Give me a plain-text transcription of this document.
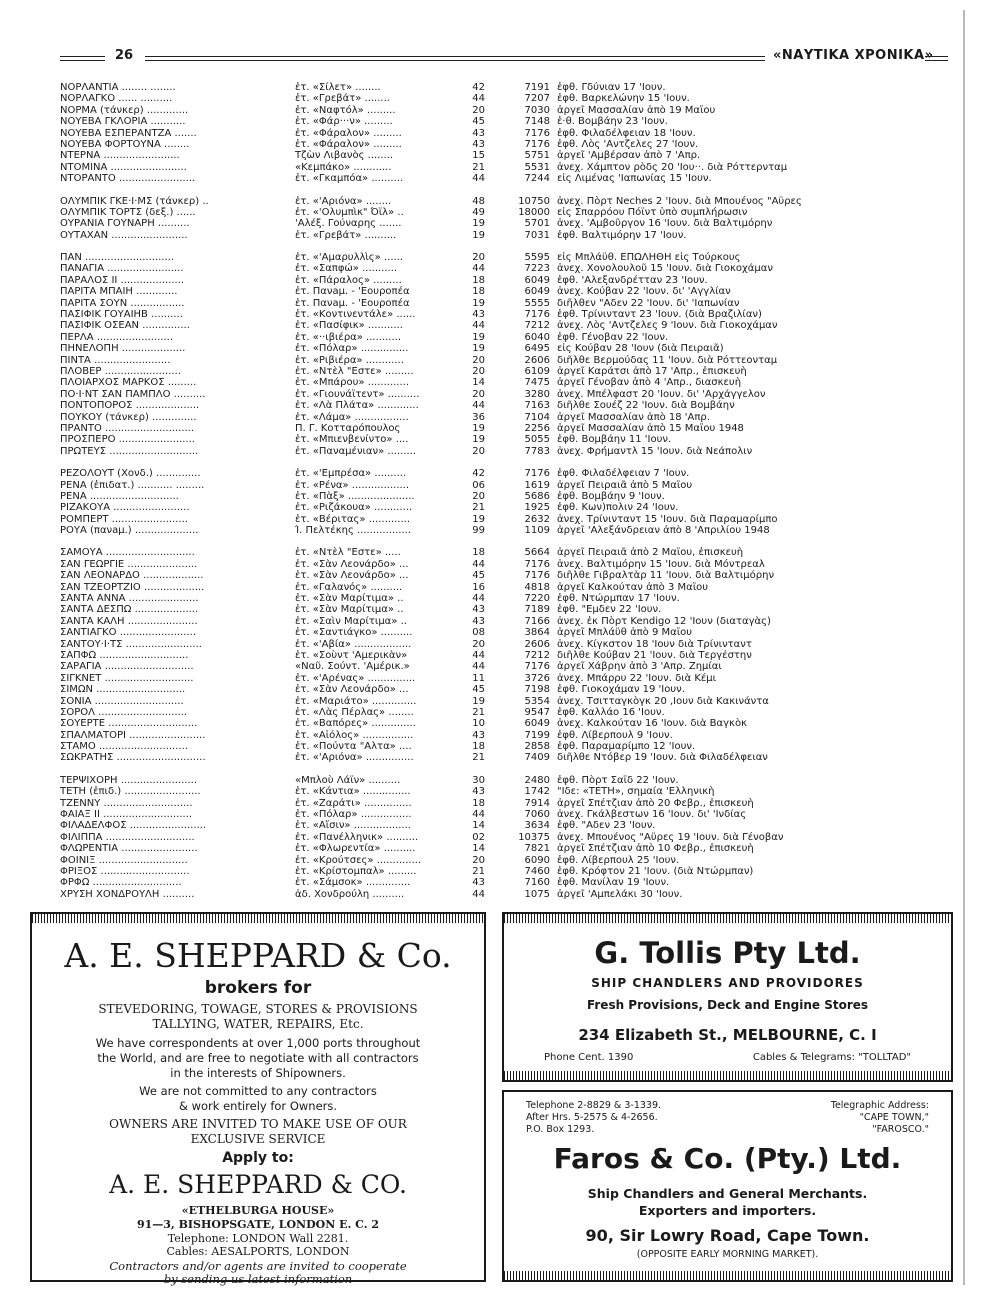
26	«ΝΑΥΤΙΚΑ ΧΡΟΝΙΚΑ»
ΝΟΡΛΑΝΤΙΑ ........ ........	ἐτ. «Σίλετ» ........	42	7191 ἐφθ. Γδύνιαν 17 'Ιουν.
ΝΟΡΛΑΓΚΟ ...... ..........	ἐτ. «Γρεβάτ» ........	44	7207 ἐφθ. Βαρκελώνην 15 'Ιουν.
ΝΟΡΜΑ (τάνκερ) .............	ἐτ. «Ναφτόλ» .........	20	7030 ἀργεῖ Μασσαλίαν ἀπὸ 19 Μαΐου
ΝΟΥΕΒΑ ΓΚΛΟΡΙΑ ...........	ἐτ. «Φάρ···ν» .........	45	7148 ἐ·θ. Βομβάην 23 'Ιουν.
ΝΟΥΕΒΑ ΕΣΠΕΡΑΝΤΖΑ .......	ἐτ. «Φάραλον» .........	43	7176 ἐφθ. Φιλαδέλφειαν 18 'Ιουν.
ΝΟΥΕΒΑ ΦΟΡΤΟΥΝΑ ........	ἐτ. «Φάραλον» .........	43	7176 ἐφθ. Λὸς 'Αντζελες 27 'Ιουν.
ΝΤΕΡΝΑ ........................	Τζὼν Λιβανὸς ........	15	5751 ἀργεῖ 'Αμβέρσαν ἀπὸ 7 'Απρ.
ΝΤΟΜΙΝΑ ........................	«Κεμπάκο» ............	21	5531 ἀνεχ. Χάμπτον ρὸδς 20 'Ιου··. διὰ Ρόττερνταμ
ΝΤΟΡΑΝΤΟ ........................	ἐτ. «Γκαμπόα» ..........	44	7244 εἰς Λιμένας 'Ιαπωνίας 15 'Ιουν.
ΟΛΥΜΠΙΚ ΓΚΕ·Ι·ΜΣ (τάνκερ) ..	ἐτ. «'Αριόνα» ........	48	10750 ἀνεχ. Πὸρτ Neches 2 'Ιουν. διὰ Μπουένος "Αϋρες
ΟΛΥΜΠΙΚ ΤΟΡΤΣ (δεξ.) ......	ἐτ. «'Ολυμπὶκ" Όϊλ» ..	49	18000 εἰς Σπαρρόου Πόϊντ ὑπὸ συμπλήρωσιν
ΟΥΡΑΝΙΑ ΓΟΥΝΑΡΗ ..........	'Αλέξ. Γούναρης .......	19	5701 ἀνεχ. 'Αμβοῦργον 16 'Ιουν. διὰ Βαλτιμόρην
ΟΥΤΑΧΑΝ ........................	ἐτ. «Γρεβάτ» ..........	19	7031 ἐφθ. Βαλτιμόρην 17 'Ιουν.
ΠΑΝ ............................	ἐτ. «'Αμαρυλλὶς» ......	20	5595 εἰς Μπλάϋθ. ΕΠΩΛΗΘΗ εἰς Τούρκους
ΠΑΝΑΓΙΑ ........................	ἐτ. «Σαπφώ» ...........	44	7223 ἀνεχ. Χονολουλοῦ 15 'Ιουν. διὰ Γιοκοχάμαν
ΠΑΡΑΛΟΣ ΙΙ ....................	ἐτ. «Πάραλος» .........	18	6049 ἐφθ. 'Αλεξανδρέτταν 23 'Ιουν.
ΠΑΡΙΤΑ ΜΠΑΙΗ .............	ἐτ. Πανaμ. - 'Εουροπέα	18	6049 ἀνεχ. Κούβαν 22 'Ιουν. δι' 'Αγγλίαν
ΠΑΡΙΤΑ ΣΟΥΝ .................	ἐτ. Πανaμ. - 'Εουροπέα	19	5555 διῆλθεν "Αδεν 22 'Ιουν. δι' 'Ιαπωνίαν
ΠΑΣΙΦΙΚ ΓΟΥΑΪΗΒ ..........	ἐτ. «Κοντινεντάλε» ......	43	7176 ἐφθ. Τρίνινταντ 23 'Ιουν. (διὰ Βραζιλίαν)
ΠΑΣΙΦΙΚ ΟΣΕΑΝ ...............	ἐτ. «Πασίφικ» ...........	44	7212 ἀνεχ. Λὸς 'Αντζελες 9 'Ιουν. διὰ Γιοκοχάμαν
ΠΕΡΛΑ ........................	ἐτ. «··ιβιέρα» ...........	19	6040 ἐφθ. Γένοβαν 22 'Ιουν.
ΠΗΝΕΛΟΠΗ ....................	ἐτ. «Πόλαρ» ...............	19	6495 εἰς Κούβαν 28 'Ιουν (διὰ Πειραιᾶ)
ΠΙΝΤΑ ........................	ἐτ. «Ριβιέρα» ............	20	2606 διῆλθε Βερμούδας 11 'Ιουν. διὰ Ρόττεονταμ
ΠΛΟΒΕΡ ........................	ἐτ. «Ντὲλ "Εστε» .........	20	6109 ἀργεῖ Καράτσι ἀπὸ 17 'Απρ., ἐπισκευὴ
ΠΛΟΙΑΡΧΟΣ ΜΑΡΚΟΣ .........	ἐτ. «Μπάρου» .............	14	7475 ἀργεῖ Γένοβαν ἀπὸ 4 'Απρ., διασκευὴ
ΠΟ·Ι·ΝΤ ΣΑΝ ΠΑΜΠΛΟ ..........	ἐτ. «Γιουνάϊτεντ» ..........	20	3280 ἀνεχ. Μπέλφαστ 20 'Ιουν. δι' 'Αρχάγγελον
ΠΟΝΤΟΠΟΡΟΣ ....................	ἐτ. «Λὰ Πλάτα» .............	44	7163 διῆλθε Σουέζ 22 'Ιουν. διὰ Βομβάην
ΠΟΥΚΟΥ (τάνκερ) ..............	ἐτ. «Λάμα» .................	36	7104 ἀργεῖ Μασσαλίαν ἀπὸ 18 'Απρ.
ΠΡΑΝΤΟ ............................	Π. Γ. Κοτταρόπουλος	19	2256 ἀργεῖ Μασσαλίαν ἀπὸ 15 Μαΐου 1948
ΠΡΟΣΠΕΡΟ ........................	ἐτ. «Μπιενβενίντο» ....	19	5055 ἐφθ. Βομβάην 11 'Ιουν.
ΠΡΩΤΕΥΣ ............................	ἐτ. «Παναμένιαν» .........	20	7783 ἀνεχ. Φρήμαντλ 15 'Ιουν. διὰ Νεάπολιν
ΡΕΖΟΛΟΥΤ (Χονδ.) ..............	ἐτ. «'Εμπρέσα» ..........	42	7176 ἐφθ. Φιλαδέλφειαν 7 'Ιουν.
ΡΕΝΑ (ἐπιδατ.) ........... .........	ἐτ. «Ρένα» ..................	06	1619 ἀργεῖ Πειραιᾶ ἀπὸ 5 Μαΐου
ΡΕΝΑ ............................	ἐτ. «Πὰξ» .....................	20	5686 ἐφθ. Βομβάην 9 'Ιουν.
ΡΙΖΑΚΟΥΑ ........................	ἐτ. «Ριζάκουα» ............	21	1925 ἐφθ. Κων)πολιν 24 'Ιουν.
ΡΟΜΠΕΡΤ ........................	ἐτ. «Βέριτας» .............	19	2632 ἀνεχ. Τρίνινταντ 15 'Ιουν. διὰ Παραμαρίμπο
ΡΟΥΑ (πανaμ.) ....................	Ί. Πελτέκης .................	99	1109 ἀργεῖ 'Αλεξάνδρειαν ἀπὸ 8 'Απριλίου 1948
ΣΑΜΟΥΑ ............................	ἐτ. «Ντὲλ "Εστε» .....	18	5664 ἀργεῖ Πειραιᾶ ἀπὸ 2 Μαΐου, ἐπισκευὴ
ΣΑΝ ΓΕΩΡΓΙΕ ......................	ἐτ. «Σὰν Λεονάρδο» ...	44	7176 ἀνεχ. Βαλτιμόρην 15 'Ιουν. διὰ Μόντρεαλ
ΣΑΝ ΛΕΟΝΑΡΔΟ ...................	ἐτ. «Σὰν Λεονάρδο» ...	45	7176 διῆλθε Γιβραλτὰρ 11 'Ιουν. διὰ Βαλτιμόρην
ΣΑΝ ΤΖΕΟΡΤΖΙΟ ...................	ἐτ. «Γαλανός» ..........	16	4818 ἀργεῖ Καλκούταν ἀπὸ 3 Μαΐου
ΣΑΝΤΑ ΑΝΝΑ ......................	ἐτ. «Σὰν Μαρίτιμα» ..	44	7220 ἐφθ. Ντώρμπαν 17 'Ιουν.
ΣΑΝΤΑ ΔΕΣΠΩ ....................	ἐτ. «Σὰν Μαρίτιμα» ..	43	7189 ἐφθ. "Εμδεν 22 'Ιουν.
ΣΑΝΤΑ ΚΑΛΗ ......................	ἐτ. «Σαὶν Μαρίτιμα» ..	43	7166 ἀνεχ. ἐκ Πὸρτ Kendigo 12 'Ιουν (διαταγὰς)
ΣΑΝΤΙΑΓΚΟ ........................	ἐτ. «Σαντιάγκο» ..........	08	3864 ἀργεῖ Μπλάϋθ ἀπὸ 9 Μαΐου
ΣΑΝΤΟΥ·Ι·ΤΣ ........................	ἐτ. «'Αβία» ..................	20	2606 ἀνεχ. Κίγκστον 18 'Ιουν διὰ Τρίνινταντ
ΣΑΠΦΩ ............................	ἐτ. «Σοὺντ 'Αμερικὰν»	44	7212 διῆλθε Κούβαν 21 'Ιουν. διὰ Τεργέστην
ΣΑΡΑΓΙΑ ............................	«Ναῦ. Σούντ. 'Αμέρικ.»	44	7176 ἀργεῖ Χάβρην ἀπὸ 3 'Απρ. Ζημίαι
ΣΙΓΚΝΕΤ ............................	ἐτ. «'Αρένας» ...............	11	3726 ἀνεχ. Μπάρρυ 22 'Ιουν. διὰ Κέμι
ΣΙΜΩΝ ............................	ἐτ. «Σὰν Λεονάρδο» ...	45	7198 ἐφθ. Γιοκοχάμαν 19 'Ιουν.
ΣΟΝΙΑ ............................	ἐτ. «Μαριάτο» ..............	19	5354 ἀνεχ. Τσιτταγκὸγκ 20 ,Ιουν διὰ Κακινάντα
ΣΟΡΟΛ ............................	ἐτ. «Λὰς Πέρλας» ........	21	9547 ἐφθ. Καλλάο 16 'Ιουν.
ΣΟΥΕΡΤΕ ............................	ἐτ. «Βαπόρες» ..............	10	6049 ἀνεχ. Καλκούταν 16 'Ιουν. διὰ Βαγκὸκ
ΣΠΑΛΜΑΤΟΡΙ ........................	ἐτ. «Αἰόλος» ................	43	7199 ἐφθ. Λίβερπουλ 9 'Ιουν.
ΣΤΑΜΟ ............................	ἐτ. «Πούντα "Αλτα» ....	18	2858 ἐφθ. Παραμαρίμπο 12 'Ιουν.
ΣΩΚΡΑΤΗΣ ............................	ἐτ. «'Αριόνα» ...............	21	7409 διῆλθε Ντόβερ 19 'Ιουν. διὰ Φιλαδέλφειαν
ΤΕΡΨΙΧΟΡΗ ........................	«Μπλοὺ Λάϊν» ..........	30	2480 ἐφθ. Πὸρτ Σαῒδ 22 'Ιουν.
ΤΕΤΗ (ἐπιδ.) ........................	ἐτ. «Κάντια» ...............	43	1742 "Ιδε: «ΤΕΤΗ», σημαία 'Ελληνικὴ
ΤΖΕΝΝΥ ............................	ἐτ. «Ζαράτι» ...............	18	7914 ἀργεῖ Σπέτζιαν ἀπὸ 20 Φεβρ., ἐπισκευὴ
ΦΑΙΑΞ ΙΙ ............................	ἐτ. «Πόλαρ» ................	44	7060 ἀνεχ. Γκάλβεστων 16 'Ιουν. δι' 'Ινδίας
ΦΙΛΑΔΕΛΦΟΣ ........................	ἐτ. «Αἴσιν» ..................	14	3634 ἐφθ. "Αδεν 23 'Ιουν.
ΦΙΛΙΠΠΑ ............................	ἐτ. «Πανέλληνικ» ..........	02	10375 ἀνεχ. Μπουένος "Αϋρες 19 'Ιουν. διὰ Γένοβαν
ΦΛΩΡΕΝΤΙΑ ........................	ἐτ. «Φλωρεντία» ..........	14	7821 ἀργεῖ Σπέτζιαν ἀπὸ 10 Φεβρ., ἐπισκευὴ
ΦΟΙΝΙΞ ............................	ἐτ. «Κρούτσες» ..............	20	6090 ἐφθ. Λίβερπουλ 25 'Ιουν.
ΦΡΙΞΟΣ ............................	ἐτ. «Κρίστομπαλ» .........	21	7460 ἐφθ. Κρόφτον 21 'Ιουν. (διὰ Ντώρμπαν)
ΦΡΦΩ ............................	ἐτ. «Σάμσοκ» ..............	43	7160 ἐφθ. Μανίλαν 19 'Ιουν.
ΧΡΥΣΗ ΧΟΝΔΡΟΥΛΗ ..........	ἀδ. Χονδρούλη ..........	44	1075 ἀργεῖ 'Αμπελάκι 30 'Ιουν.
A. E. SHEPPARD & Co.
brokers for
STEVEDORING, TOWAGE, STORES & PROVISIONS
TALLYING, WATER, REPAIRS, Etc.
We have correspondents at over 1,000 ports throughout
the World, and are free to negotiate with all contractors
in the interests of Shipowners.
We are not committed to any contractors
& work entirely for Owners.
OWNERS ARE INVITED TO MAKE USE OF OUR
EXCLUSIVE SERVICE
Apply to:
A. E. SHEPPARD & CO.
«ETHELBURGA HOUSE»
91—3, BISHOPSGATE, LONDON E. C. 2
Telephone: LONDON Wall 2281.
Cables: AESALPORTS, LONDON
Contractors and/or agents are invited to cooperate
by sending us latest information
G. Tollis Pty Ltd.
SHIP CHANDLERS AND PROVIDORES
Fresh Provisions, Deck and Engine Stores
234 Elizabeth St., MELBOURNE, C. I
Phone Cent. 1390	Cables & Telegrams: "TOLLTAD"
Telephone 2-8829 & 3-1339.
After Hrs. 5-2575 & 4-2656.
P.O. Box 1293.
Telegraphic Address:
"CAPE TOWN,"
"FAROSCO."
Faros & Co. (Pty.) Ltd.
Ship Chandlers and General Merchants.
Exporters and importers.
90, Sir Lowry Road, Cape Town.
(OPPOSITE EARLY MORNING MARKET).
